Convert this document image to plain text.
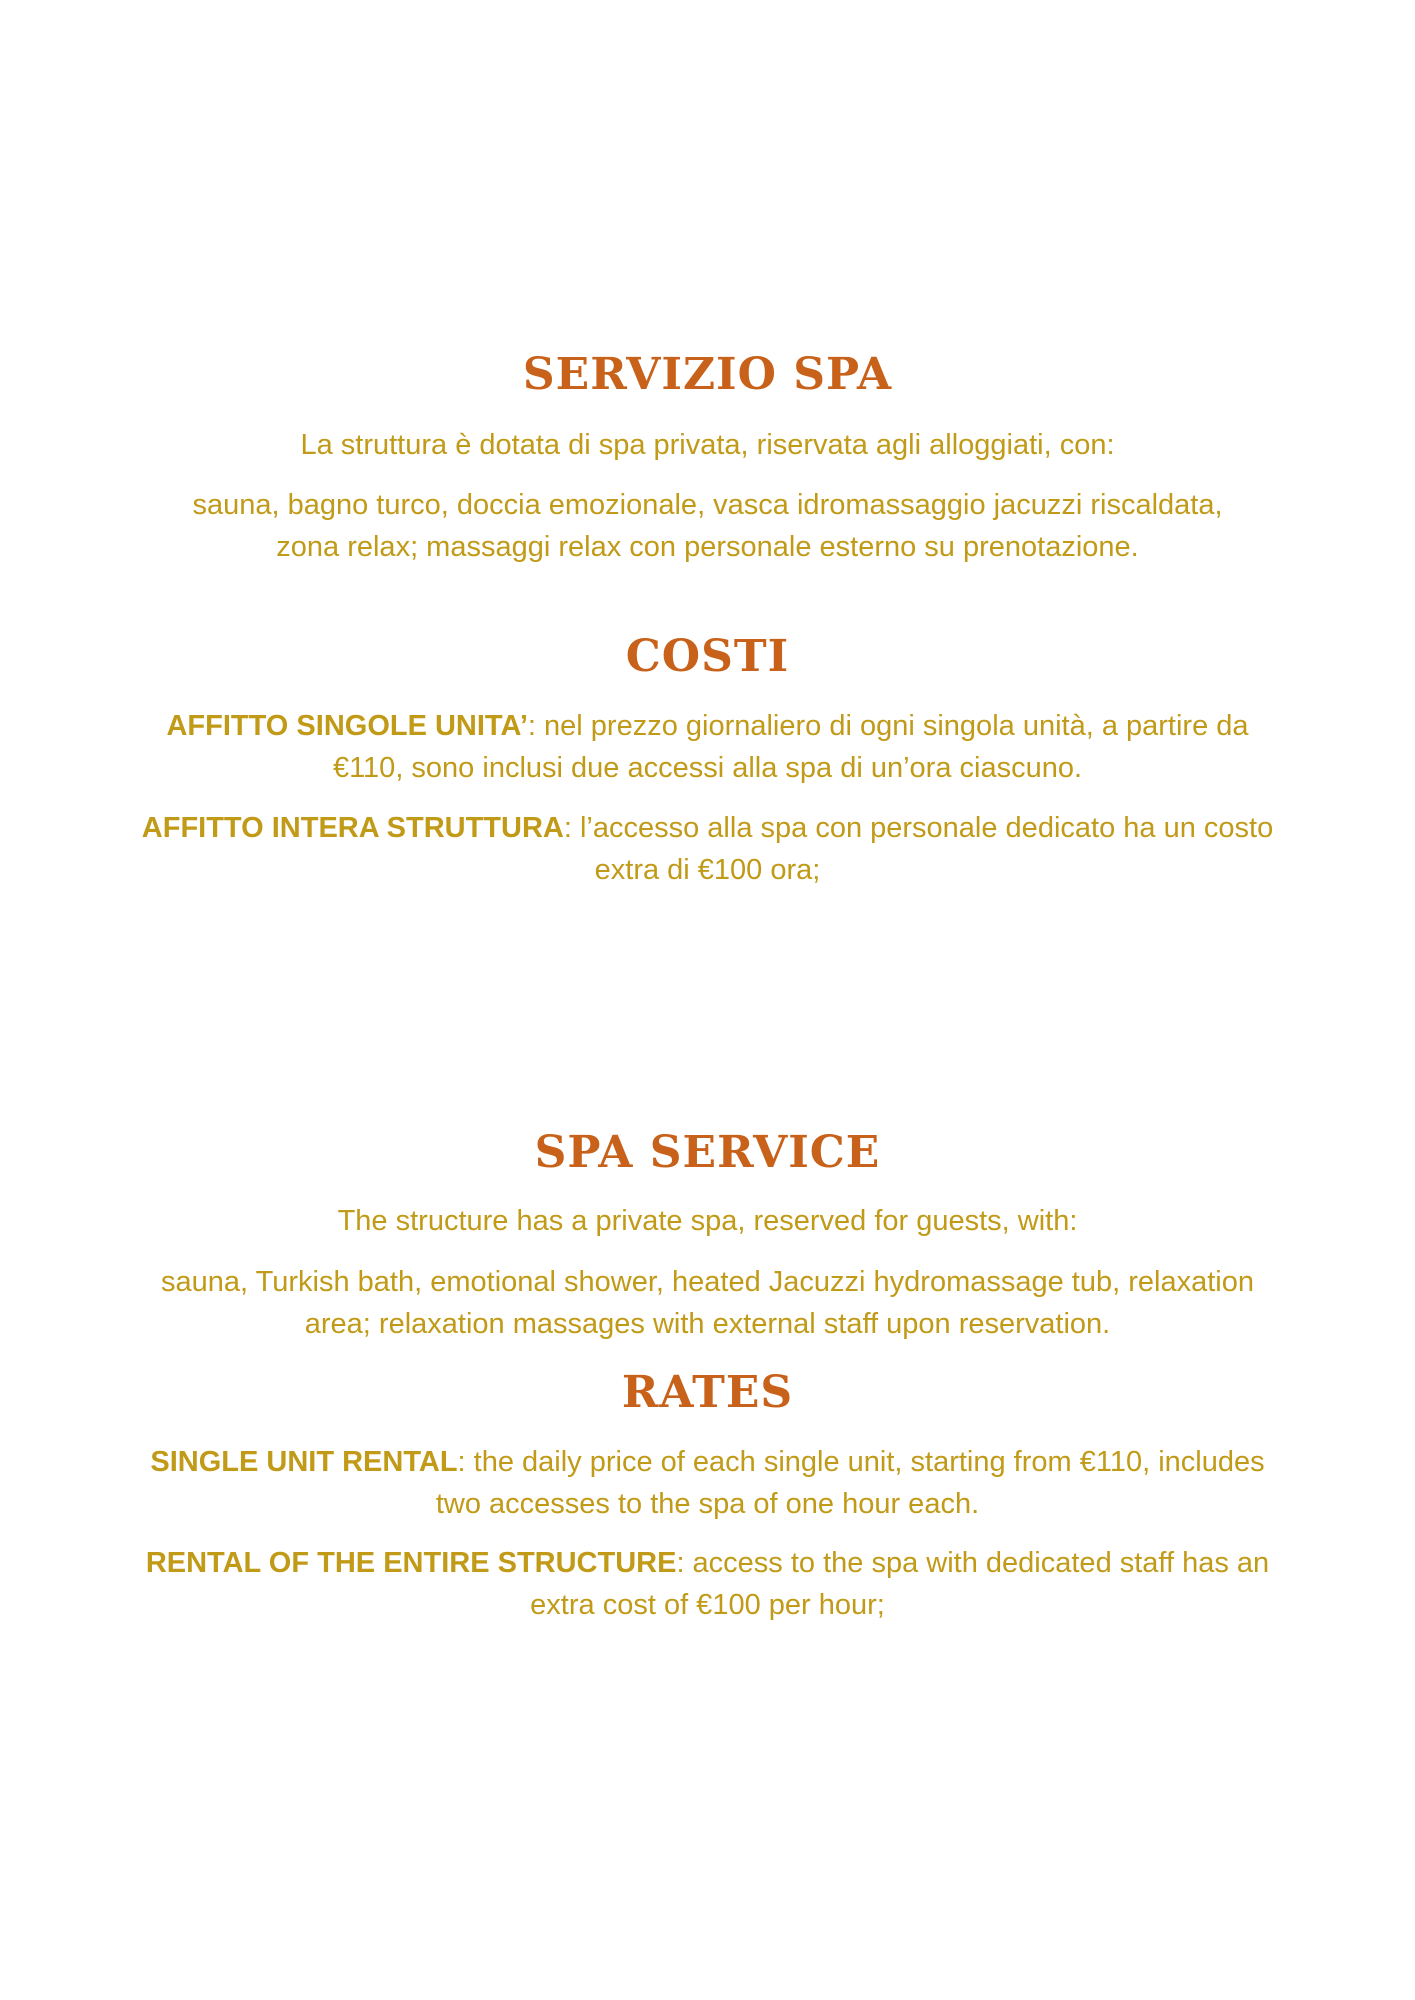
SERVIZIO SPA

La struttura è dotata di spa privata, riservata agli alloggiati, con:

sauna, bagno turco, doccia emozionale, vasca idromassaggio jacuzzi riscaldata, zona relax; massaggi relax con personale esterno su prenotazione.

COSTI

AFFITTO SINGOLE UNITA’: nel prezzo giornaliero di ogni singola unità, a partire da €110, sono inclusi due accessi alla spa di un’ora ciascuno.

AFFITTO INTERA STRUTTURA: l’accesso alla spa con personale dedicato ha un costo extra di €100 ora;

SPA SERVICE

The structure has a private spa, reserved for guests, with:

sauna, Turkish bath, emotional shower, heated Jacuzzi hydromassage tub, relaxation area; relaxation massages with external staff upon reservation.

RATES

SINGLE UNIT RENTAL: the daily price of each single unit, starting from €110, includes two accesses to the spa of one hour each.

RENTAL OF THE ENTIRE STRUCTURE: access to the spa with dedicated staff has an extra cost of €100 per hour;
